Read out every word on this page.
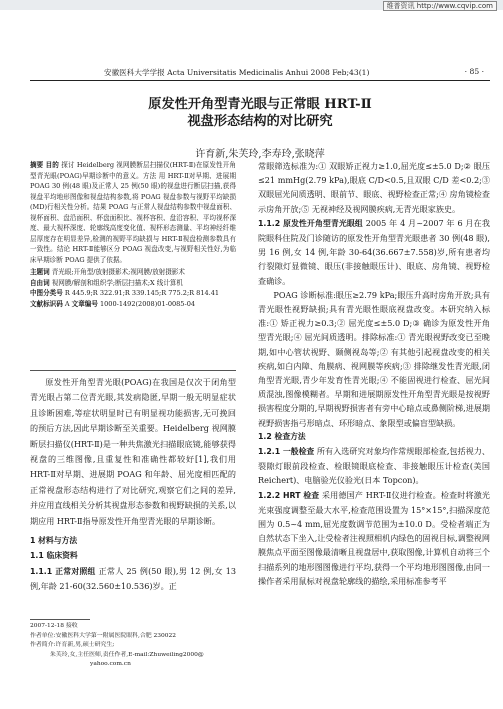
维普资讯 http://www.cqvip.com
安徽医科大学学报 Acta Universitatis Medicinalis Anhui 2008 Feb;43(1)	· 85 ·
原发性开角型青光眼与正常眼 HRT-Ⅱ
视盘形态结构的对比研究
许育新,朱芙玲,李寿玲,张晓萍
摘要 目的 探讨 Heidelberg 视网膜断层扫描仪(HRT-Ⅱ)在原发性开角型青光眼(POAG)早期诊断中的意义。方法 用 HRT-Ⅱ对早期、进展期 POAG 30 例(48 眼)及正常人 25 例(50 眼)的视盘进行断层扫描,获得视盘平均地形图像和视盘结构参数,将 POAG 视盘参数与视野平均缺损(MD)行相关性分析。结果 POAG 与正常人视盘结构参数中视盘面积、视杯面积、盘沿面积、杯盘面积比、视杯容积、盘沿容积、平均视杯深度、最大视杯深度、轮廓线高度变化值、视杯形态测量、平均神经纤维层厚度存在明显差异,检测的视野平均缺损与 HRT-Ⅱ视盘检测参数具有一致性。结论 HRT-Ⅱ能够区分 POAG 视盘改变,与视野相关性好,为临床早期诊断 POAG 提供了依据。
主题词 青光眼;开角型/放射摄影术;视网膜/放射摄影术
自由词 视网膜/解剖和组织学;断层扫描术;X 线计算机
中图分类号 R 445.9;R 322.91;R 339.145;R 775.2;R 814.41
文献标识码 A 文章编号 1000-1492(2008)01-0085-04

原发性开角型青光眼(POAG)在我国是仅次于闭角型青光眼占第二位青光眼,其发病隐匿,早期一般无明显症状且诊断困难,等症状明显时已有明显视功能损害,无可挽回的预后方法,因此早期诊断至关重要。Heidelberg 视网膜断层扫描仪(HRT-Ⅱ)是一种共焦激光扫描眼底镜,能够获得视盘的三维图像,且重复性和准确性都较好[1],我们用 HRT-Ⅱ对早期、进展期 POAG 和年龄、屈光度相匹配的正常视盘形态结构进行了对比研究,观察它们之间的差异,并应用直线相关分析其视盘形态参数和视野缺损的关系,以期应用 HRT-Ⅱ指导原发性开角型青光眼的早期诊断。

1 材料与方法
1.1 临床资料

1.1.1 正常对照组 正常人 25 例(50 眼),男 12 例,女 13 例,年龄 21-60(32.560±10.536)岁。正

2007-12-18 接收
作者单位:安徽医科大学第一附属医院眼科,合肥 230022
作者简介:许育新,男,硕士研究生;
朱芙玲,女,主任医师,责任作者,E-mail:Zhuweiling2000@
yahoo.com.cn

常眼筛选标准为:① 双眼矫正视力≥1.0,屈光度≤±5.0 D;② 眼压≤21 mmHg(2.79 kPa),眼底 C/D<0.5,且双眼 C/D 差<0.2;③ 双眼屈光间质透明、眼前节、眼底、视野检查正常;④ 房角镜检查示房角开放;⑤ 无视神经及视网膜疾病,无青光眼家族史。

1.1.2 原发性开角型青光眼组 2005 年 4 月~2007 年 6 月在我院眼科住院及门诊随访的原发性开角型青光眼患者 30 例(48 眼),男 16 例,女 14 例,年龄 30-64(36.667±7.558)岁,所有患者均行裂隙灯显微镜、眼压(非接触眼压计)、眼底、房角镜、视野检查确诊。

POAG 诊断标准:眼压≥2.79 kPa;眼压升高时房角开放;具有青光眼性视野缺损;具有青光眼性眼底视盘改变。本研究纳入标准:① 矫正视力≥0.3;② 屈光度≤±5.0 D;③ 确诊为原发性开角型青光眼;④ 屈光间质透明。排除标准:① 青光眼视野改变已至晚期,如中心管状视野、颞侧视岛等;② 有其他引起视盘改变的相关疾病,如白内障、角膜病、视网膜等疾病;③ 排除继发性青光眼,闭角型青光眼,青少年发育性青光眼;④ 不能固视进行检查、屈光间质混浊,图像模糊者。早期和进展期原发性开角型青光眼是按视野损害程度分期的,早期视野损害者有旁中心暗点或鼻侧阶梯,进展期视野损害指弓形暗点、环形暗点、象限型或偏盲型缺损。

1.2 检查方法

1.2.1 一般检查 所有入选研究对象均作常规眼部检查,包括视力、裂隙灯眼前段检查、检眼镜眼底检查、非接触眼压计检查(美国 Reichert)、电脑验光仪验光(日本 Topcon)。

1.2.2 HRT 检查 采用德国产 HRT-Ⅱ仪进行检查。检查时将激光光束强度调整至最大水平,检查范围设置为 15°×15°,扫描深度范围为 0.5~4 mm,屈光度数调节范围为±10.0 D。受检者端正为自然状态下坐入,让受检者注视照相机内绿色的固视目标,调整视网膜焦点平面至图像最清晰且视盘居中,获取图像,计算机自动将三个扫描系列的地形图图像进行平均,获得一个平均地形图图像,由同一操作者采用鼠标对视盘轮廓线的描绘,采用标准参考平
